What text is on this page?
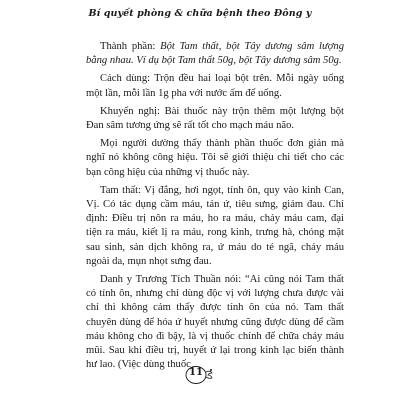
Bí quyết phòng & chữa bệnh theo Đông y

Thành phần: Bột Tam thất, bột Tây dương sâm lượng bằng nhau. Ví dụ bột Tam thất 50g, bột Tây dương sâm 50g.

Cách dùng: Trộn đều hai loại bột trên. Mỗi ngày uống một lần, mỗi lần 1g pha với nước ấm để uống.

Khuyến nghị: Bài thuốc này trộn thêm một lượng bột Đan sâm tương ứng sẽ rất tốt cho mạch máu não.

Mọi người dường thấy thành phần thuốc đơn giản mà nghĩ nó không công hiệu. Tôi sẽ giới thiệu chi tiết cho các bạn công hiệu của những vị thuốc này.

Tam thất: Vị đắng, hơi ngọt, tính ôn, quy vào kinh Can, Vị. Có tác dụng cầm máu, tán ứ, tiêu sưng, giảm đau. Chỉ định: Điều trị nôn ra máu, ho ra máu, chảy máu cam, đại tiện ra máu, kiết lị ra máu, rong kinh, trưng hà, chóng mặt sau sinh, sản dịch không ra, ứ máu do té ngã, chảy máu ngoài da, mụn nhọt sưng đau.

Danh y Trương Tích Thuần nói: “Ai cũng nói Tam thất có tính ôn, nhưng chỉ dùng độc vị với lượng chưa được vài chỉ thì không cảm thấy được tính ôn của nó. Tam thất chuyên dùng để hóa ứ huyết nhưng cũng được dùng để cầm máu không cho đi bậy, là vị thuốc chính để chữa chảy máu mũi. Sau khi điều trị, huyết ứ lại trong kinh lạc biến thành hư lao. (Việc dùng thuốc

11
